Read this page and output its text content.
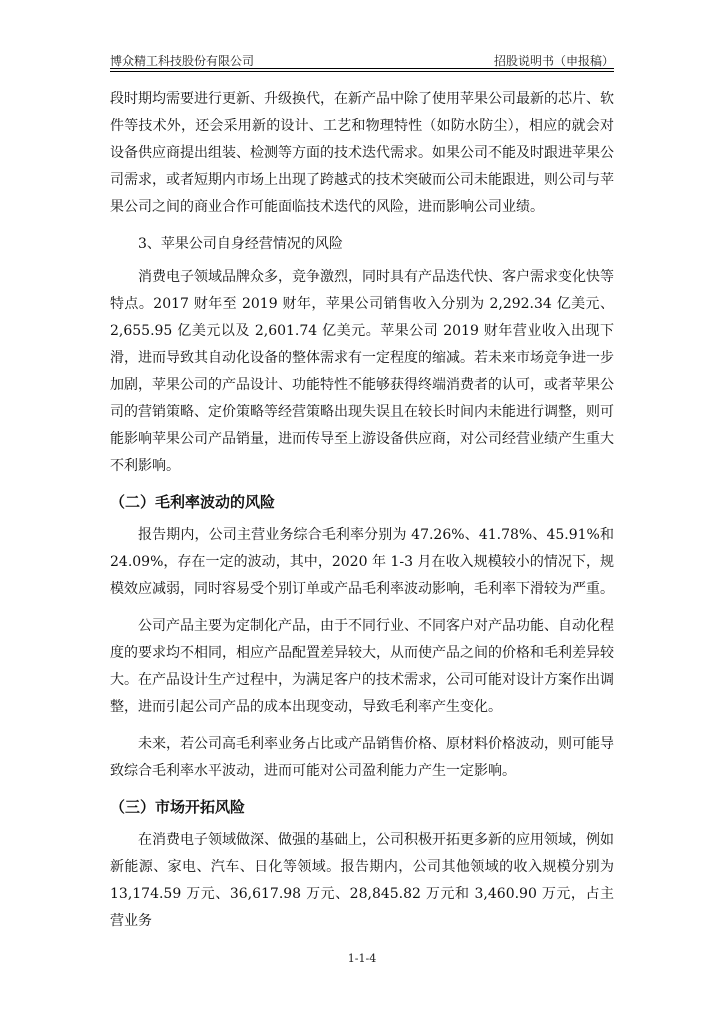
博众精工科技股份有限公司	招股说明书（申报稿）

段时期均需要进行更新、升级换代，在新产品中除了使用苹果公司最新的芯片、软件等技术外，还会采用新的设计、工艺和物理特性（如防水防尘），相应的就会对设备供应商提出组装、检测等方面的技术迭代需求。如果公司不能及时跟进苹果公司需求，或者短期内市场上出现了跨越式的技术突破而公司未能跟进，则公司与苹果公司之间的商业合作可能面临技术迭代的风险，进而影响公司业绩。

3、苹果公司自身经营情况的风险

消费电子领域品牌众多，竞争激烈，同时具有产品迭代快、客户需求变化快等特点。2017 财年至 2019 财年，苹果公司销售收入分别为 2,292.34 亿美元、2,655.95 亿美元以及 2,601.74 亿美元。苹果公司 2019 财年营业收入出现下滑，进而导致其自动化设备的整体需求有一定程度的缩减。若未来市场竞争进一步加剧，苹果公司的产品设计、功能特性不能够获得终端消费者的认可，或者苹果公司的营销策略、定价策略等经营策略出现失误且在较长时间内未能进行调整，则可能影响苹果公司产品销量，进而传导至上游设备供应商，对公司经营业绩产生重大不利影响。

（二）毛利率波动的风险

报告期内，公司主营业务综合毛利率分别为 47.26%、41.78%、45.91%和24.09%，存在一定的波动，其中，2020 年 1-3 月在收入规模较小的情况下，规模效应减弱，同时容易受个别订单或产品毛利率波动影响，毛利率下滑较为严重。

公司产品主要为定制化产品，由于不同行业、不同客户对产品功能、自动化程度的要求均不相同，相应产品配置差异较大，从而使产品之间的价格和毛利差异较大。在产品设计生产过程中，为满足客户的技术需求，公司可能对设计方案作出调整，进而引起公司产品的成本出现变动，导致毛利率产生变化。

未来，若公司高毛利率业务占比或产品销售价格、原材料价格波动，则可能导致综合毛利率水平波动，进而可能对公司盈利能力产生一定影响。

（三）市场开拓风险

在消费电子领域做深、做强的基础上，公司积极开拓更多新的应用领域，例如新能源、家电、汽车、日化等领域。报告期内，公司其他领域的收入规模分别为 13,174.59 万元、36,617.98 万元、28,845.82 万元和 3,460.90 万元，占主营业务

1-1-4
